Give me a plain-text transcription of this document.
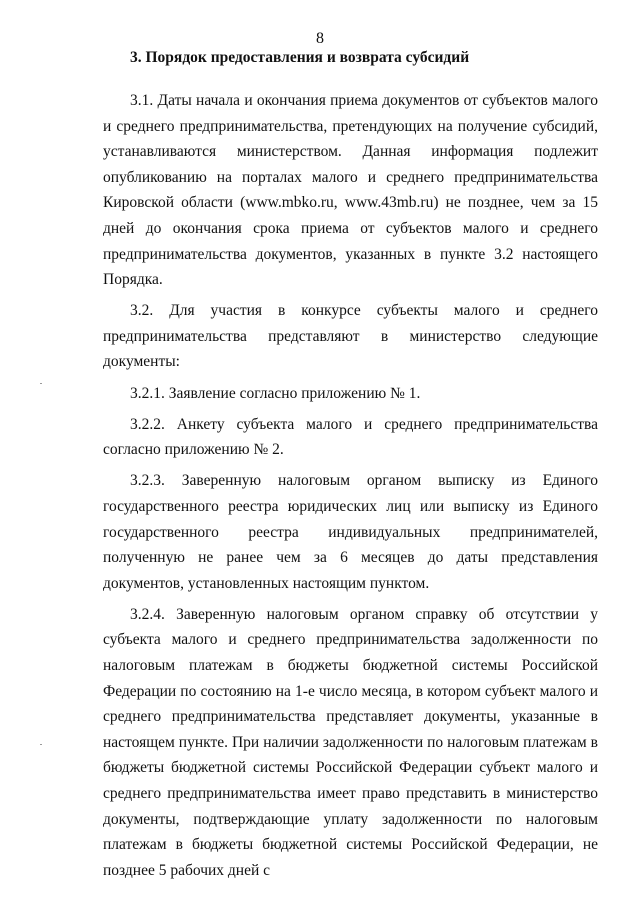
8
3. Порядок предоставления и возврата субсидий

3.1. Даты начала и окончания приема документов от субъектов малого и среднего предпринимательства, претендующих на получение субсидий, устанавливаются министерством. Данная информация подлежит опубликованию на порталах малого и среднего предпринимательства Кировской области (www.mbko.ru, www.43mb.ru) не позднее, чем за 15 дней до окончания срока приема от субъектов малого и среднего предпринимательства документов, указанных в пункте 3.2 настоящего Порядка.

3.2. Для участия в конкурсе субъекты малого и среднего предпринимательства представляют в министерство следующие документы:

3.2.1. Заявление согласно приложению № 1.

3.2.2. Анкету субъекта малого и среднего предпринимательства согласно приложению № 2.

3.2.3. Заверенную налоговым органом выписку из Единого государственного реестра юридических лиц или выписку из Единого государственного реестра индивидуальных предпринимателей, полученную не ранее чем за 6 месяцев до даты представления документов, установленных настоящим пунктом.

3.2.4. Заверенную налоговым органом справку об отсутствии у субъекта малого и среднего предпринимательства задолженности по налоговым платежам в бюджеты бюджетной системы Российской Федерации по состоянию на 1-е число месяца, в котором субъект малого и среднего предпринимательства представляет документы, указанные в настоящем пункте. При наличии задолженности по налоговым платежам в бюджеты бюджетной системы Российской Федерации субъект малого и среднего предпринимательства имеет право представить в министерство документы, подтверждающие уплату задолженности по налоговым платежам в бюджеты бюджетной системы Российской Федерации, не позднее 5 рабочих дней с
